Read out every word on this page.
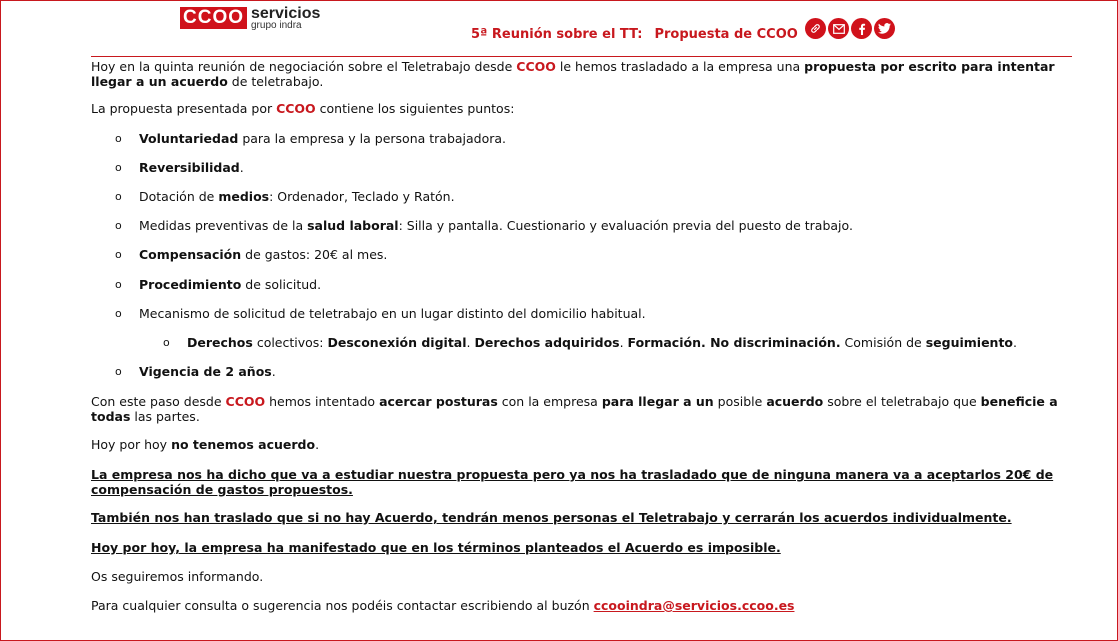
CCOO servicios
grupo indra
5ª Reunión sobre el TT: Propuesta de CCOO

Hoy en la quinta reunión de negociación sobre el Teletrabajo desde CCOO le hemos trasladado a la empresa una propuesta por escrito para intentar llegar a un acuerdo de teletrabajo.

La propuesta presentada por CCOO contiene los siguientes puntos:

o Voluntariedad para la empresa y la persona trabajadora.
o Reversibilidad.
o Dotación de medios: Ordenador, Teclado y Ratón.
o Medidas preventivas de la salud laboral: Silla y pantalla. Cuestionario y evaluación previa del puesto de trabajo.
o Compensación de gastos: 20€ al mes.
o Procedimiento de solicitud.
o Mecanismo de solicitud de teletrabajo en un lugar distinto del domicilio habitual.
o Derechos colectivos: Desconexión digital. Derechos adquiridos. Formación. No discriminación. Comisión de seguimiento.
o Vigencia de 2 años.

Con este paso desde CCOO hemos intentado acercar posturas con la empresa para llegar a un posible acuerdo sobre el teletrabajo que beneficie a todas las partes.

Hoy por hoy no tenemos acuerdo.

La empresa nos ha dicho que va a estudiar nuestra propuesta pero ya nos ha trasladado que de ninguna manera va a aceptarlos 20€ de compensación de gastos propuestos.

También nos han traslado que si no hay Acuerdo, tendrán menos personas el Teletrabajo y cerrarán los acuerdos individualmente.

Hoy por hoy, la empresa ha manifestado que en los términos planteados el Acuerdo es imposible.

Os seguiremos informando.

Para cualquier consulta o sugerencia nos podéis contactar escribiendo al buzón ccooindra@servicios.ccoo.es
